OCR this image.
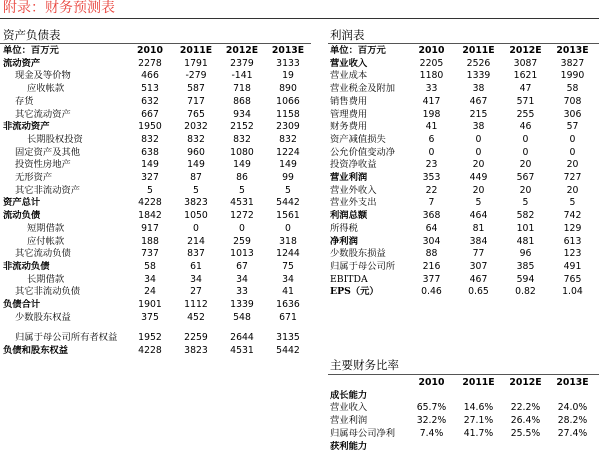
附录：财务预测表
资产负债表
单位：百万元	2010	2011E	2012E	2013E
流动资产	2278	1791	2379	3133
现金及等价物	466	-279	-141	19
应收帐款	513	587	718	890
存货	632	717	868	1066
其它流动资产	667	765	934	1158
非流动资产	1950	2032	2152	2309
长期股权投资	832	832	832	832
固定资产及其他	638	960	1080	1224
投资性房地产	149	149	149	149
无形资产	327	87	86	99
其它非流动资产	5	5	5	5
资产总计	4228	3823	4531	5442
流动负债	1842	1050	1272	1561
短期借款	917	0	0	0
应付帐款	188	214	259	318
其它流动负债	737	837	1013	1244
非流动负债	58	61	67	75
长期借款	34	34	34	34
其它非流动负债	24	27	33	41
负债合计	1901	1112	1339	1636
少数股东权益	375	452	548	671

归属于母公司所有者权益	1952	2259	2644	3135
负债和股东权益	4228	3823	4531	5442
利润表
单位：百万元	2010	2011E	2012E	2013E
营业收入	2205	2526	3087	3827
营业成本	1180	1339	1621	1990
营业税金及附加	33	38	47	58
销售费用	417	467	571	708
管理费用	198	215	255	306
财务费用	41	38	46	57
资产减值损失	6	0	0	0
公允价值变动净	0	0	0	0
投资净收益	23	20	20	20
营业利润	353	449	567	727
营业外收入	22	20	20	20
营业外支出	7	5	5	5
利润总额	368	464	582	742
所得税	64	81	101	129
净利润	304	384	481	613
少数股东损益	88	77	96	123
归属于母公司所	216	307	385	491
EBITDA	377	467	594	765
EPS（元）	0.46	0.65	0.82	1.04
主要财务比率
	2010	2011E	2012E	2013E
成长能力				
营业收入	65.7%	14.6%	22.2%	24.0%
营业利润	32.2%	27.1%	26.4%	28.2%
归属母公司净利	7.4%	41.7%	25.5%	27.4%
获利能力				
